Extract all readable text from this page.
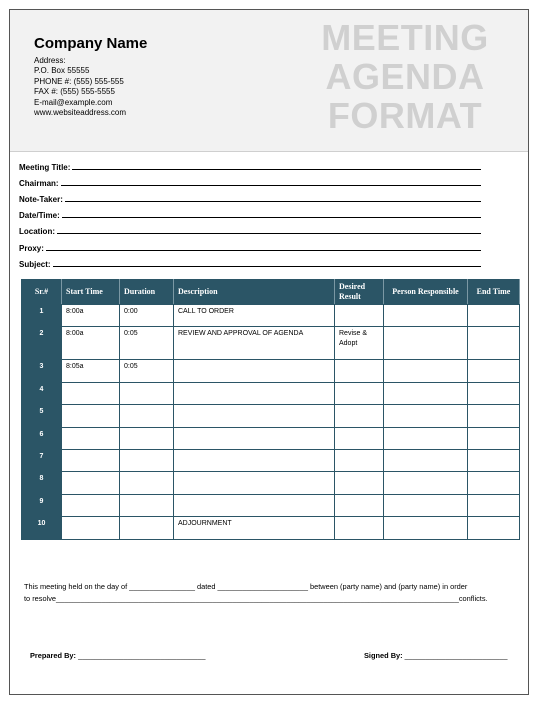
Company Name
Address:
P.O. Box 55555
PHONE #: (555) 555-555
FAX #: (555) 555-5555
E-mail@example.com
www.websiteaddress.com
MEETING
AGENDA
FORMAT
Meeting Title:
Chairman:
Note-Taker:
Date/Time:
Location:
Proxy:
Subject:
Sr.#	Start Time	Duration	Description	Desired Result	Person Responsible	End Time
1	8:00a	0:00	CALL TO ORDER			
2	8:00a	0:05	REVIEW AND APPROVAL OF AGENDA	Revise & Adopt		
3	8:05a	0:05				
4						
5						
6						
7						
8						
9						
10			ADJOURNMENT			
This meeting held on the day of ________________ dated ______________________ between (party name) and (party name) in order
to resolve__________________________________________________________________________________________________conflicts.
Prepared By: _______________________________	Signed By: _________________________
